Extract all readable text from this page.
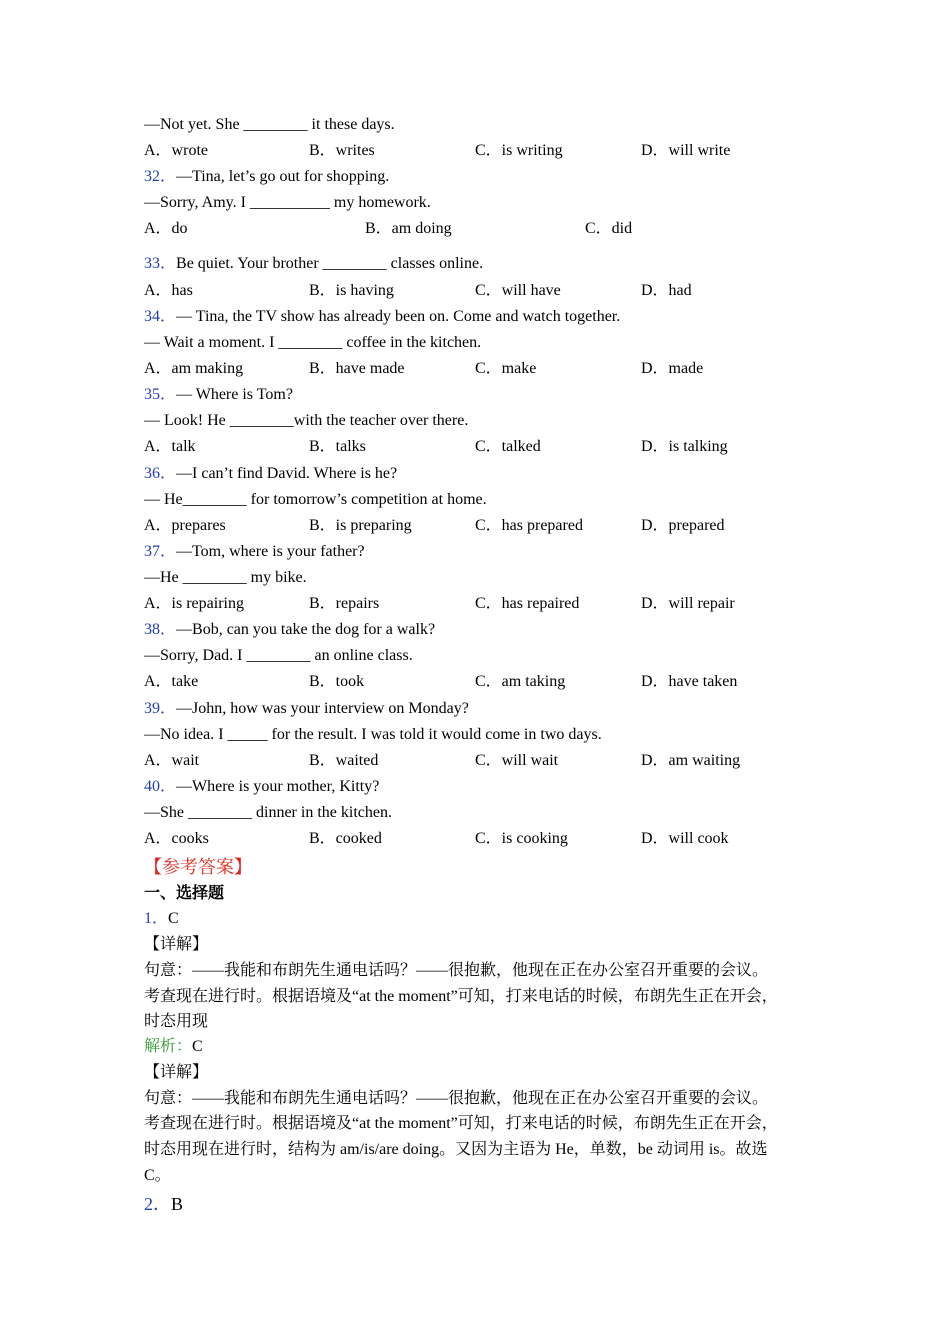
—Not yet. She ________ it these days.
A．wrote	B．writes	C．is writing	D．will write
32．—Tina, let’s go out for shopping.
—Sorry, Amy. I __________ my homework.
A．do	B．am doing	C．did
33．Be quiet. Your brother ________ classes online.
A．has	B．is having	C．will have	D．had
34．— Tina, the TV show has already been on. Come and watch together.
— Wait a moment. I ________ coffee in the kitchen.
A．am making	B．have made	C．make	D．made
35．— Where is Tom?
— Look! He ________with the teacher over there.
A．talk	B．talks	C．talked	D．is talking
36．—I can’t find David. Where is he?
— He________ for tomorrow’s competition at home.
A．prepares	B．is preparing	C．has prepared	D．prepared
37．—Tom, where is your father?
—He ________ my bike.
A．is repairing	B．repairs	C．has repaired	D．will repair
38．—Bob, can you take the dog for a walk?
—Sorry, Dad. I ________ an online class.
A．take	B．took	C．am taking	D．have taken
39．—John, how was your interview on Monday?
—No idea. I _____ for the result. I was told it would come in two days.
A．wait	B．waited	C．will wait	D．am waiting
40．—Where is your mother, Kitty?
—She ________ dinner in the kitchen.
A．cooks	B．cooked	C．is cooking	D．will cook
【参考答案】
一、选择题
1．C
【详解】
句意：——我能和布朗先生通电话吗？——很抱歉，他现在正在办公室召开重要的会议。
考查现在进行时。根据语境及“at the moment”可知，打来电话的时候，布朗先生正在开会，
时态用现
解析：C
【详解】
句意：——我能和布朗先生通电话吗？——很抱歉，他现在正在办公室召开重要的会议。
考查现在进行时。根据语境及“at the moment”可知，打来电话的时候，布朗先生正在开会，
时态用现在进行时，结构为 am/is/are doing。又因为主语为 He，单数，be 动词用 is。故选
C。
2．B
